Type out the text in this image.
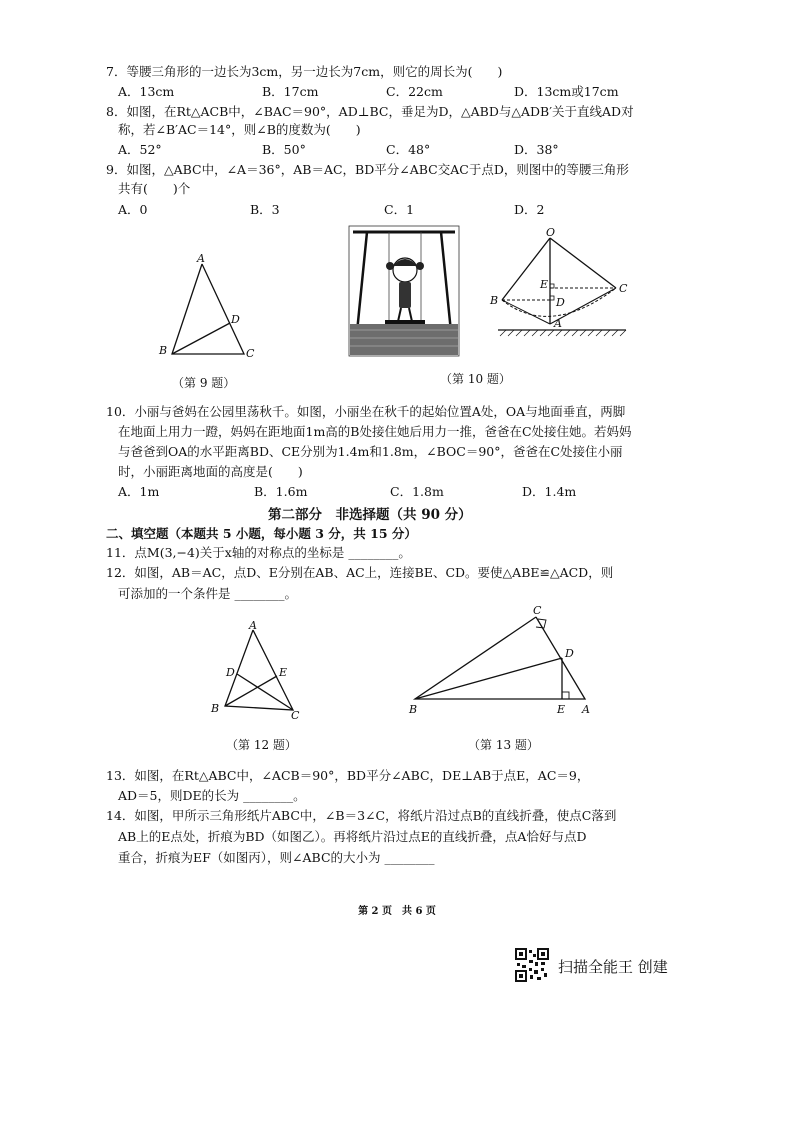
7．等腰三角形的一边长为3cm，另一边长为7cm，则它的周长为(　　)
A．13cm	B．17cm	C．22cm	D．13cm或17cm
8．如图，在Rt△ACB中，∠BAC＝90°，AD⊥BC，垂足为D，△ABD与△ADB′关于直线AD对
称，若∠B′AC＝14°，则∠B的度数为(　　)
A．52°	B．50°	C．48°	D．38°
9．如图，△ABC中，∠A＝36°，AB＝AC，BD平分∠ABC交AC于点D，则图中的等腰三角形
共有(　　)个
A．0	B．3	C．1	D．2
A
B	C
D
（第 9 题）	（第 10 题）
O
B
C
E
D
A
10．小丽与爸妈在公园里荡秋千。如图，小丽坐在秋千的起始位置A处，OA与地面垂直，两脚
在地面上用力一蹬，妈妈在距地面1m高的B处接住她后用力一推，爸爸在C处接住她。若妈妈
与爸爸到OA的水平距离BD、CE分别为1.4m和1.8m，∠BOC＝90°，爸爸在C处接住小丽
时，小丽距离地面的高度是(　　)
A．1m	B．1.6m	C．1.8m	D．1.4m
第二部分　非选择题（共 90 分）
二、填空题（本题共 5 小题，每小题 3 分，共 15 分）
11．点M(3,−4)关于x轴的对称点的坐标是 ________。
12．如图，AB＝AC，点D、E分别在AB、AC上，连接BE、CD。要使△ABE≌△ACD，则
可添加的一个条件是 ________。
A
D	E
B
C
（第 12 题）
C
D
B	E A
（第 13 题）
13．如图，在Rt△ABC中，∠ACB＝90°，BD平分∠ABC，DE⊥AB于点E，AC＝9，
AD＝5，则DE的长为 ________。
14．如图，甲所示三角形纸片ABC中，∠B＝3∠C，将纸片沿过点B的直线折叠，使点C落到
AB上的E点处，折痕为BD（如图乙）。再将纸片沿过点E的直线折叠，点A恰好与点D
重合，折痕为EF（如图丙），则∠ABC的大小为 ________
第 2 页　共 6 页
扫描全能王 创建
